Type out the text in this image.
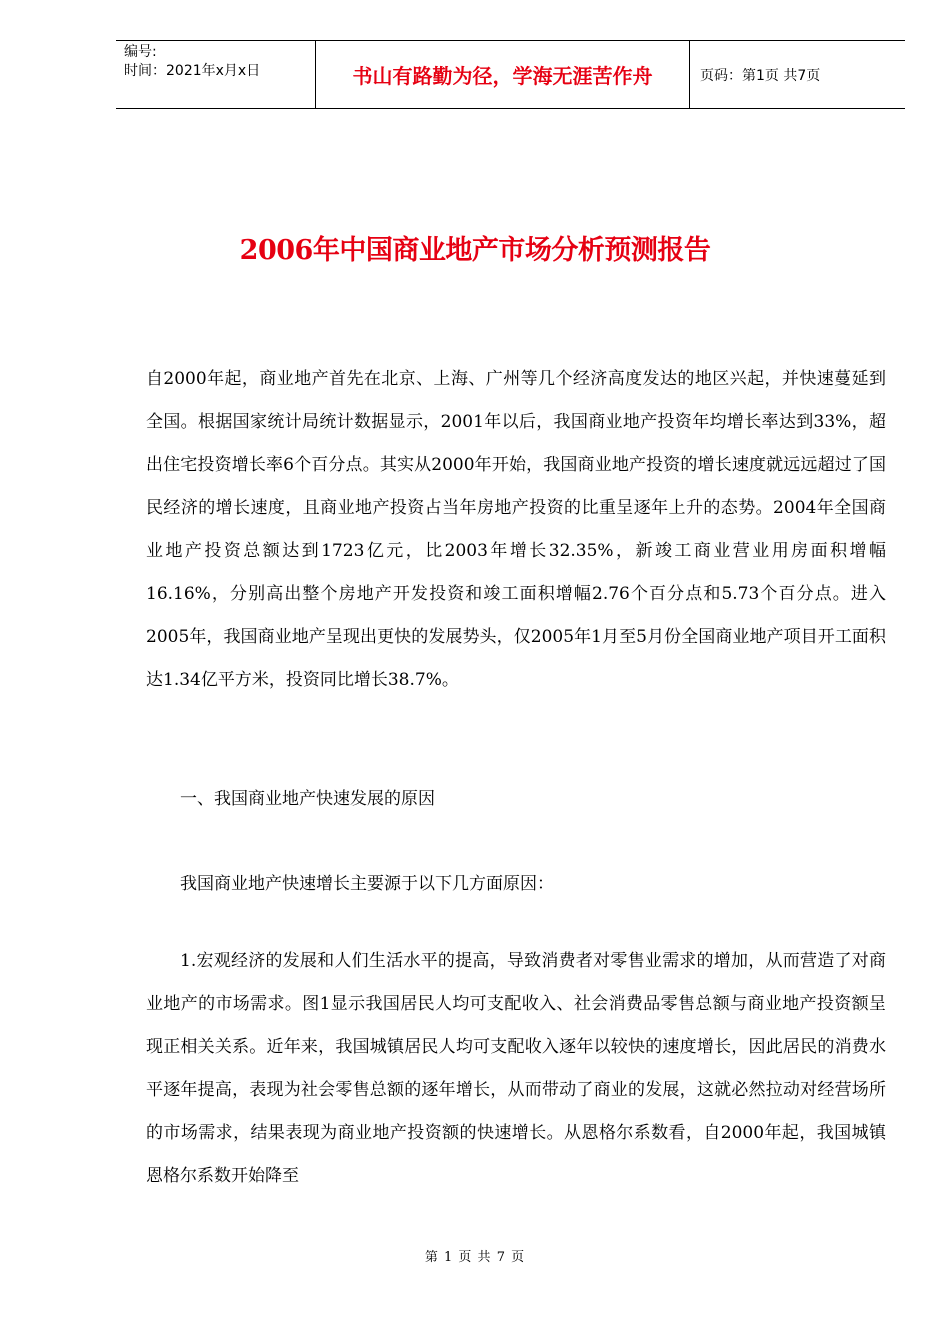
编号:
时间：2021年x月x日	书山有路勤为径，学海无涯苦作舟	页码：第1页 共7页
2006年中国商业地产市场分析预测报告

自2000年起，商业地产首先在北京、上海、广州等几个经济高度发达的地区兴起，并快速蔓延到全国。根据国家统计局统计数据显示，2001年以后，我国商业地产投资年均增长率达到33%，超出住宅投资增长率6个百分点。其实从2000年开始，我国商业地产投资的增长速度就远远超过了国民经济的增长速度，且商业地产投资占当年房地产投资的比重呈逐年上升的态势。2004年全国商业地产投资总额达到1723亿元，比2003年增长32.35%，新竣工商业营业用房面积增幅16.16%，分别高出整个房地产开发投资和竣工面积增幅2.76个百分点和5.73个百分点。进入2005年，我国商业地产呈现出更快的发展势头，仅2005年1月至5月份全国商业地产项目开工面积达1.34亿平方米，投资同比增长38.7%。

一、我国商业地产快速发展的原因
我国商业地产快速增长主要源于以下几方面原因：

1.宏观经济的发展和人们生活水平的提高，导致消费者对零售业需求的增加，从而营造了对商业地产的市场需求。图1显示我国居民人均可支配收入、社会消费品零售总额与商业地产投资额呈现正相关关系。近年来，我国城镇居民人均可支配收入逐年以较快的速度增长，因此居民的消费水平逐年提高，表现为社会零售总额的逐年增长，从而带动了商业的发展，这就必然拉动对经营场所的市场需求，结果表现为商业地产投资额的快速增长。从恩格尔系数看，自2000年起，我国城镇恩格尔系数开始降至

第 1 页 共 7 页
